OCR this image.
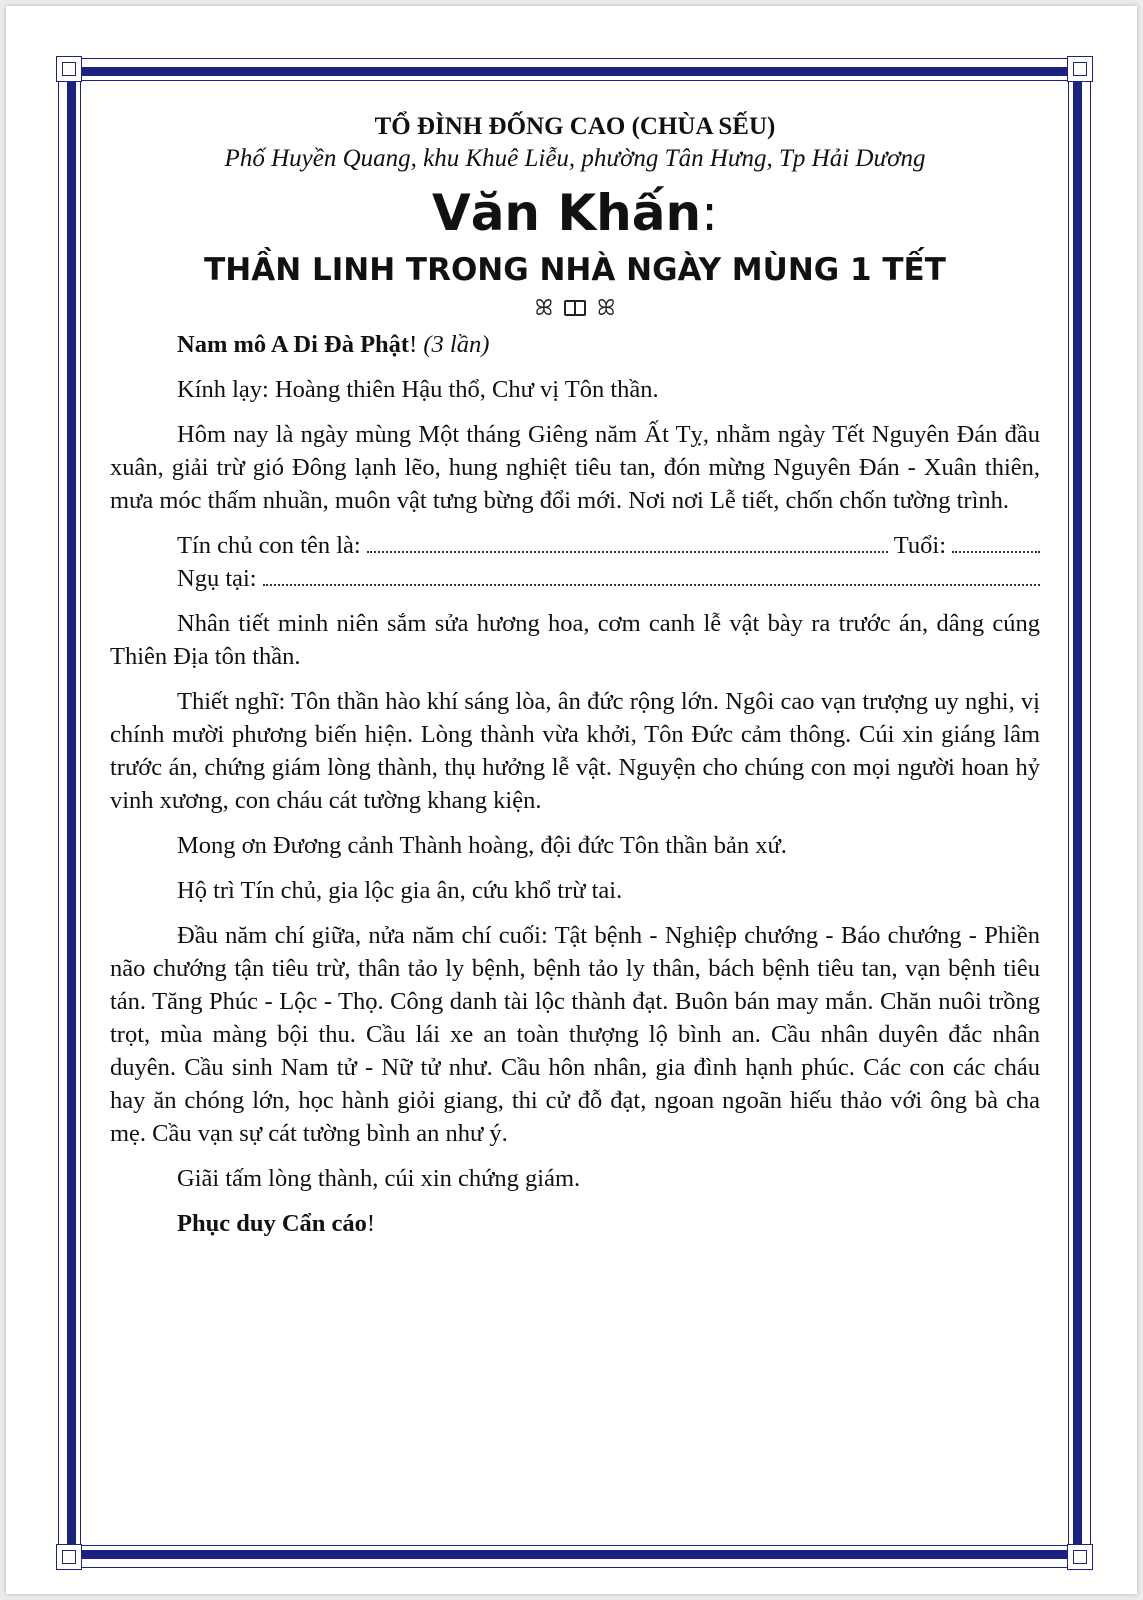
TỔ ĐÌNH ĐỐNG CAO (CHÙA SẾU)
Phố Huyền Quang, khu Khuê Liễu, phường Tân Hưng, Tp Hải Dương
Văn Khấn:
THẦN LINH TRONG NHÀ NGÀY MÙNG 1 TẾT
ꕤ ꕤ

Nam mô A Di Đà Phật! (3 lần)

Kính lạy: Hoàng thiên Hậu thổ, Chư vị Tôn thần.

Hôm nay là ngày mùng Một tháng Giêng năm Ất Tỵ, nhằm ngày Tết Nguyên Đán đầu xuân, giải trừ gió Đông lạnh lẽo, hung nghiệt tiêu tan, đón mừng Nguyên Đán - Xuân thiên, mưa móc thấm nhuần, muôn vật tưng bừng đổi mới. Nơi nơi Lễ tiết, chốn chốn tường trình.

Tín chủ con tên là:	Tuổi:
Ngụ tại:

Nhân tiết minh niên sắm sửa hương hoa, cơm canh lễ vật bày ra trước án, dâng cúng Thiên Địa tôn thần.

Thiết nghĩ: Tôn thần hào khí sáng lòa, ân đức rộng lớn. Ngôi cao vạn trượng uy nghi, vị chính mười phương biến hiện. Lòng thành vừa khởi, Tôn Đức cảm thông. Cúi xin giáng lâm trước án, chứng giám lòng thành, thụ hưởng lễ vật. Nguyện cho chúng con mọi người hoan hỷ vinh xương, con cháu cát tường khang kiện.

Mong ơn Đương cảnh Thành hoàng, đội đức Tôn thần bản xứ.

Hộ trì Tín chủ, gia lộc gia ân, cứu khổ trừ tai.

Đầu năm chí giữa, nửa năm chí cuối: Tật bệnh - Nghiệp chướng - Báo chướng - Phiền não chướng tận tiêu trừ, thân tảo ly bệnh, bệnh tảo ly thân, bách bệnh tiêu tan, vạn bệnh tiêu tán. Tăng Phúc - Lộc - Thọ. Công danh tài lộc thành đạt. Buôn bán may mắn. Chăn nuôi trồng trọt, mùa màng bội thu. Cầu lái xe an toàn thượng lộ bình an. Cầu nhân duyên đắc nhân duyên. Cầu sinh Nam tử - Nữ tử như. Cầu hôn nhân, gia đình hạnh phúc. Các con các cháu hay ăn chóng lớn, học hành giỏi giang, thi cử đỗ đạt, ngoan ngoãn hiếu thảo với ông bà cha mẹ. Cầu vạn sự cát tường bình an như ý.

Giãi tấm lòng thành, cúi xin chứng giám.

Phục duy Cẩn cáo!
